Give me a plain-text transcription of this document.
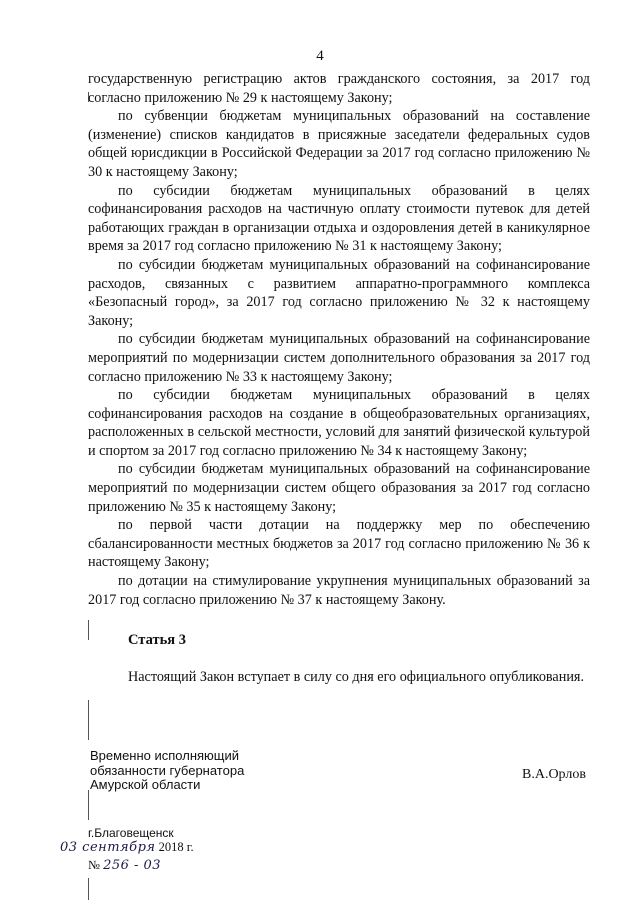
4

государственную регистрацию актов гражданского состояния, за 2017 год согласно приложению № 29 к настоящему Закону;

по субвенции бюджетам муниципальных образований на составление (изменение) списков кандидатов в присяжные заседатели федеральных судов общей юрисдикции в Российской Федерации за 2017 год согласно приложению № 30 к настоящему Закону;

по субсидии бюджетам муниципальных образований в целях софинансирования расходов на частичную оплату стоимости путевок для детей работающих граждан в организации отдыха и оздоровления детей в каникулярное время за 2017 год согласно приложению № 31 к настоящему Закону;

по субсидии бюджетам муниципальных образований на софинансирование расходов, связанных с развитием аппаратно-программного комплекса «Безопасный город», за 2017 год согласно приложению № 32 к настоящему Закону;

по субсидии бюджетам муниципальных образований на софинансирование мероприятий по модернизации систем дополнительного образования за 2017 год согласно приложению № 33 к настоящему Закону;

по субсидии бюджетам муниципальных образований в целях софинансирования расходов на создание в общеобразовательных организациях, расположенных в сельской местности, условий для занятий физической культурой и спортом за 2017 год согласно приложению № 34 к настоящему Закону;

по субсидии бюджетам муниципальных образований на софинансирование мероприятий по модернизации систем общего образования за 2017 год согласно приложению № 35 к настоящему Закону;

по первой части дотации на поддержку мер по обеспечению сбалансированности местных бюджетов за 2017 год согласно приложению № 36 к настоящему Закону;

по дотации на стимулирование укрупнения муниципальных образований за 2017 год согласно приложению № 37 к настоящему Закону.

Статья 3
Настоящий Закон вступает в силу со дня его официального опубликования.
Временно исполняющий
обязанности губернатора
Амурской области
В.А.Орлов
г.Благовещенск
03 сентября 2018 г.
№ 256 - 03
